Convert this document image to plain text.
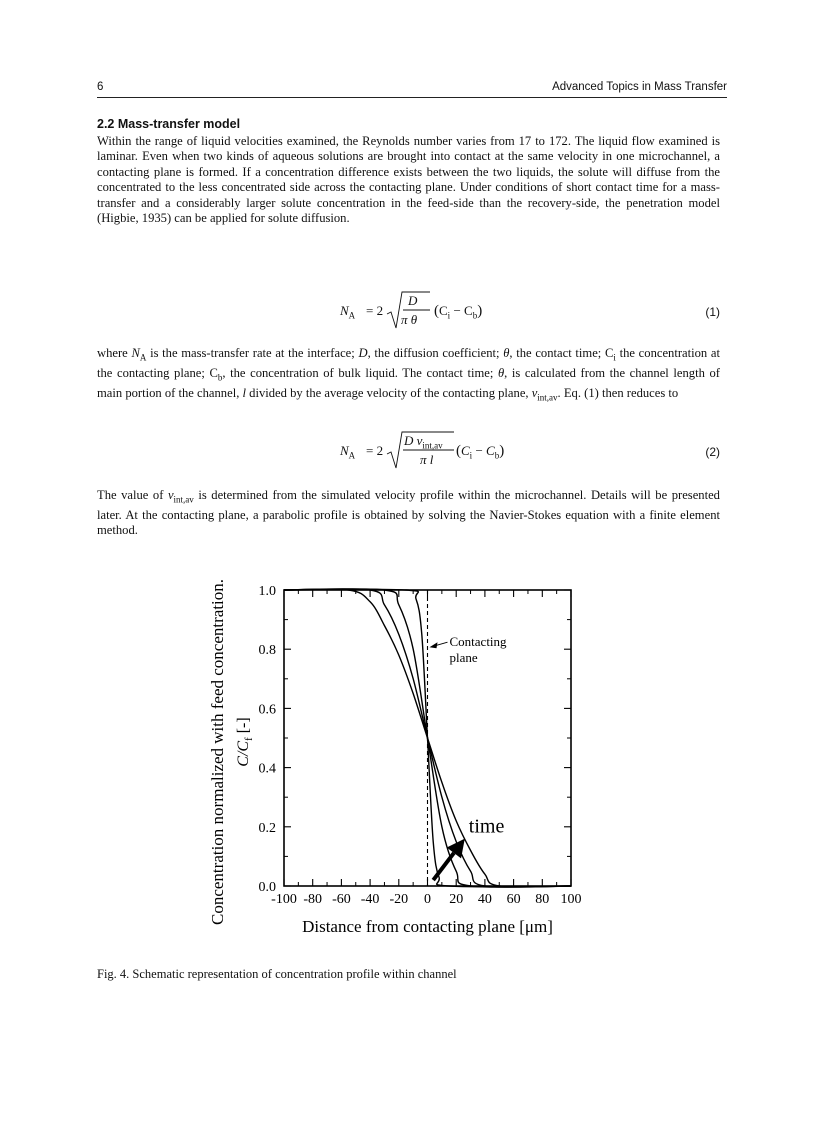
6	Advanced Topics in Mass Transfer
2.2 Mass-transfer model

Within the range of liquid velocities examined, the Reynolds number varies from 17 to 172. The liquid flow examined is laminar. Even when two kinds of aqueous solutions are brought into contact at the same velocity in one microchannel, a contacting plane is formed. If a concentration difference exists between the two liquids, the solute will diffuse from the concentrated to the less concentrated side across the contacting plane. Under conditions of short contact time for a mass-transfer and a considerably larger solute concentration in the feed-side than the recovery-side, the penetration model (Higbie, 1935) can be applied for solute diffusion.

$N_A = 2$
D
π θ
$(C_i - C_b)$	(1)

where $N_A$ is the mass-transfer rate at the interface; D, the diffusion coefficient; θ, the contact time; $C_i$ the concentration at the contacting plane; $C_b$, the concentration of bulk liquid. The contact time; θ, is calculated from the channel length of main portion of the channel, l divided by the average velocity of the contacting plane, $v_{int,av}$. Eq. (1) then reduces to

$N_A = 2$
D $v_{int,av}$
π l
$(C_i - C_b)$	(2)

The value of $v_{int,av}$ is determined from the simulated velocity profile within the microchannel. Details will be presented later. At the contacting plane, a parabolic profile is obtained by solving the Navier-Stokes equation with a finite element method.

-100 -80 -60 -40 -20 0 20 40 60 80 100
0.0
0.2
0.4
0.6
0.8
1.0
Contacting
plane
time
Distance from contacting plane [μm]
Concentration normalized with feed concentration. $C/C_f$ [-]
Fig. 4. Schematic representation of concentration profile within channel
